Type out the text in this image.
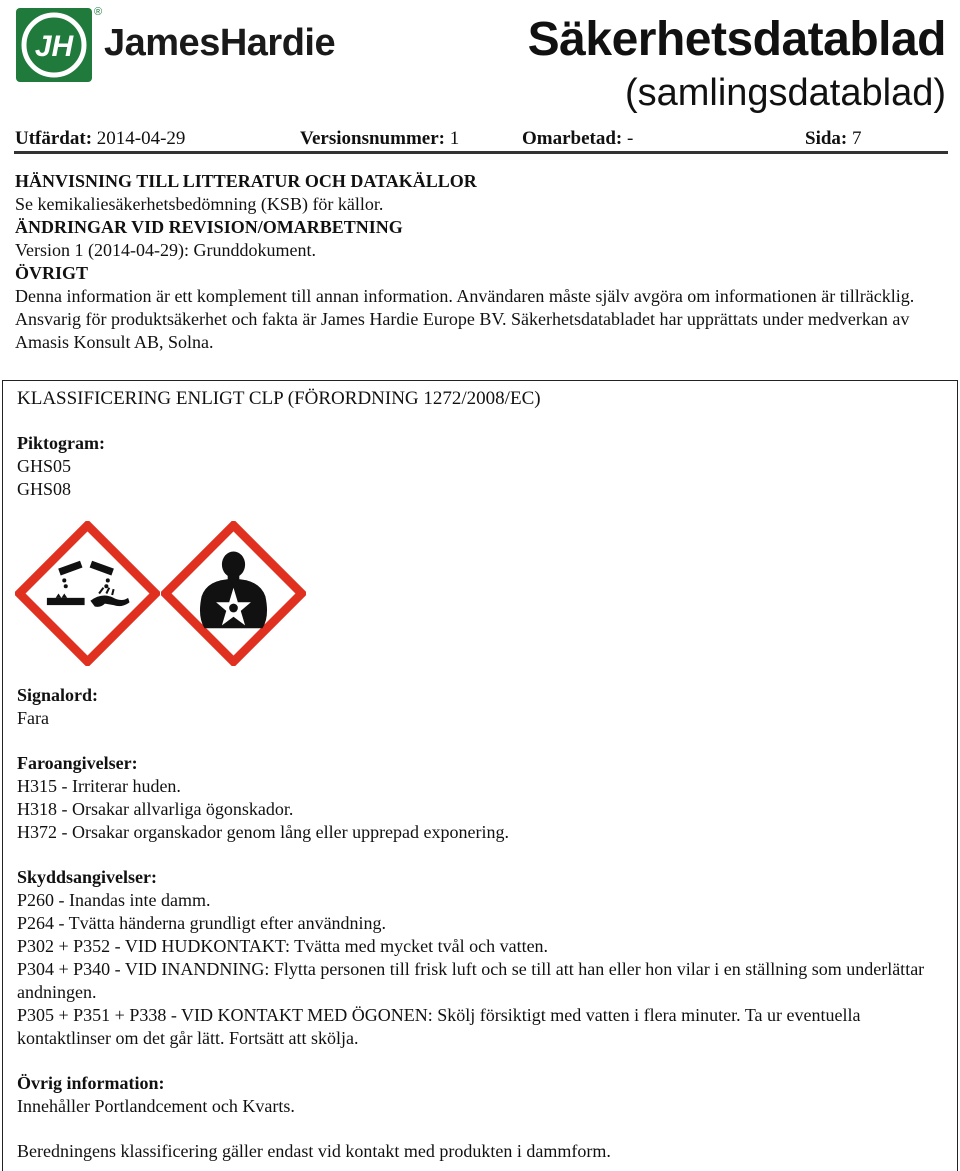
JH
®
JamesHardie	Säkerhetsdatablad
(samlingsdatablad)
Utfärdat: 2014-04-29	Versionsnummer: 1	Omarbetad: -	Sida: 7
HÄNVISNING TILL LITTERATUR OCH DATAKÄLLOR
Se kemikaliesäkerhetsbedömning (KSB) för källor.
ÄNDRINGAR VID REVISION/OMARBETNING
Version 1 (2014-04-29): Grunddokument.
ÖVRIGT
Denna information är ett komplement till annan information. Användaren måste själv avgöra om informationen är tillräcklig. Ansvarig för produktsäkerhet och fakta är James Hardie Europe BV. Säkerhetsdatabladet har upprättats under medverkan av Amasis Konsult AB, Solna.
KLASSIFICERING ENLIGT CLP (FÖRORDNING 1272/2008/EC)
Piktogram:
GHS05
GHS08
Signalord:
Fara
Faroangivelser:
H315 - Irriterar huden.
H318 - Orsakar allvarliga ögonskador.
H372 - Orsakar organskador genom lång eller upprepad exponering.
Skyddsangivelser:
P260 - Inandas inte damm.
P264 - Tvätta händerna grundligt efter användning.
P302 + P352 - VID HUDKONTAKT: Tvätta med mycket tvål och vatten.
P304 + P340 - VID INANDNING: Flytta personen till frisk luft och se till att han eller hon vilar i en ställning som underlättar andningen.
P305 + P351 + P338 - VID KONTAKT MED ÖGONEN: Skölj försiktigt med vatten i flera minuter. Ta ur eventuella kontaktlinser om det går lätt. Fortsätt att skölja.
Övrig information:
Innehåller Portlandcement och Kvarts.
Beredningens klassificering gäller endast vid kontakt med produkten i dammform.
